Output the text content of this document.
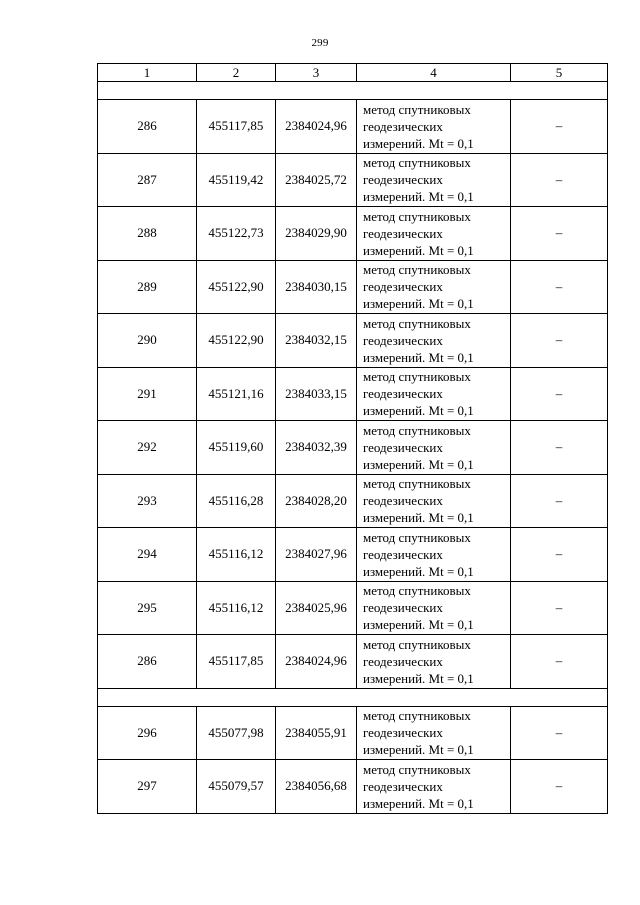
299
1	2	3	4	5

286	455117,85	2384024,96	метод спутниковых
геодезических
измерений. Mt = 0,1	–
287	455119,42	2384025,72	метод спутниковых
геодезических
измерений. Mt = 0,1	–
288	455122,73	2384029,90	метод спутниковых
геодезических
измерений. Mt = 0,1	–
289	455122,90	2384030,15	метод спутниковых
геодезических
измерений. Mt = 0,1	–
290	455122,90	2384032,15	метод спутниковых
геодезических
измерений. Mt = 0,1	–
291	455121,16	2384033,15	метод спутниковых
геодезических
измерений. Mt = 0,1	–
292	455119,60	2384032,39	метод спутниковых
геодезических
измерений. Mt = 0,1	–
293	455116,28	2384028,20	метод спутниковых
геодезических
измерений. Mt = 0,1	–
294	455116,12	2384027,96	метод спутниковых
геодезических
измерений. Mt = 0,1	–
295	455116,12	2384025,96	метод спутниковых
геодезических
измерений. Mt = 0,1	–
286	455117,85	2384024,96	метод спутниковых
геодезических
измерений. Mt = 0,1	–

296	455077,98	2384055,91	метод спутниковых
геодезических
измерений. Mt = 0,1	–
297	455079,57	2384056,68	метод спутниковых
геодезических
измерений. Mt = 0,1	–
